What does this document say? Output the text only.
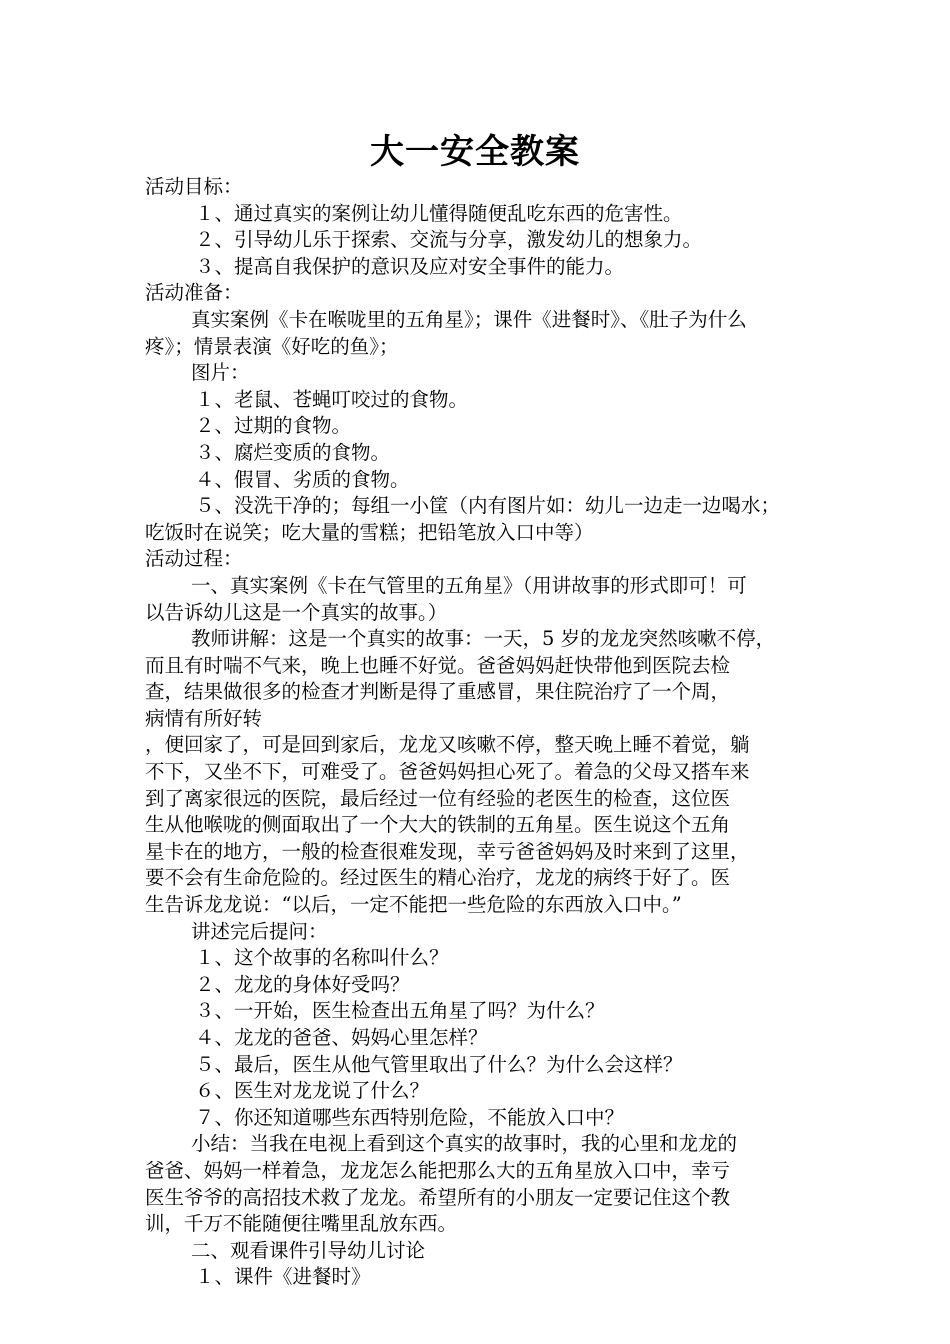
大一安全教案

活动目标：

１、通过真实的案例让幼儿懂得随便乱吃东西的危害性。

２、引导幼儿乐于探索、交流与分享，激发幼儿的想象力。

３、提高自我保护的意识及应对安全事件的能力。

活动准备：

真实案例《卡在喉咙里的五角星》；课件《进餐时》、《肚子为什么

疼》；情景表演《好吃的鱼》；

图片：

１、老鼠、苍蝇叮咬过的食物。

２、过期的食物。

３、腐烂变质的食物。

４、假冒、劣质的食物。

５、没洗干净的；每组一小筐（内有图片如：幼儿一边走一边喝水；

吃饭时在说笑；吃大量的雪糕；把铅笔放入口中等）

活动过程：

一、真实案例《卡在气管里的五角星》（用讲故事的形式即可！可

以告诉幼儿这是一个真实的故事。）

教师讲解：这是一个真实的故事：一天，5 岁的龙龙突然咳嗽不停，

而且有时喘不气来，晚上也睡不好觉。爸爸妈妈赶快带他到医院去检

查，结果做很多的检查才判断是得了重感冒，果住院治疗了一个周，

病情有所好转

，便回家了，可是回到家后，龙龙又咳嗽不停，整天晚上睡不着觉，躺

不下，又坐不下，可难受了。爸爸妈妈担心死了。着急的父母又搭车来

到了离家很远的医院，最后经过一位有经验的老医生的检查，这位医

生从他喉咙的侧面取出了一个大大的铁制的五角星。医生说这个五角

星卡在的地方，一般的检查很难发现，幸亏爸爸妈妈及时来到了这里，

要不会有生命危险的。经过医生的精心治疗，龙龙的病终于好了。医

生告诉龙龙说：“以后，一定不能把一些危险的东西放入口中。”

讲述完后提问：

１、这个故事的名称叫什么？

２、龙龙的身体好受吗？

３、一开始，医生检查出五角星了吗？为什么？

４、龙龙的爸爸、妈妈心里怎样？

５、最后，医生从他气管里取出了什么？为什么会这样？

６、医生对龙龙说了什么？

７、你还知道哪些东西特别危险，不能放入口中？

小结：当我在电视上看到这个真实的故事时，我的心里和龙龙的

爸爸、妈妈一样着急，龙龙怎么能把那么大的五角星放入口中，幸亏

医生爷爷的高招技术救了龙龙。希望所有的小朋友一定要记住这个教

训，千万不能随便往嘴里乱放东西。

二、观看课件引导幼儿讨论

１、课件《进餐时》
